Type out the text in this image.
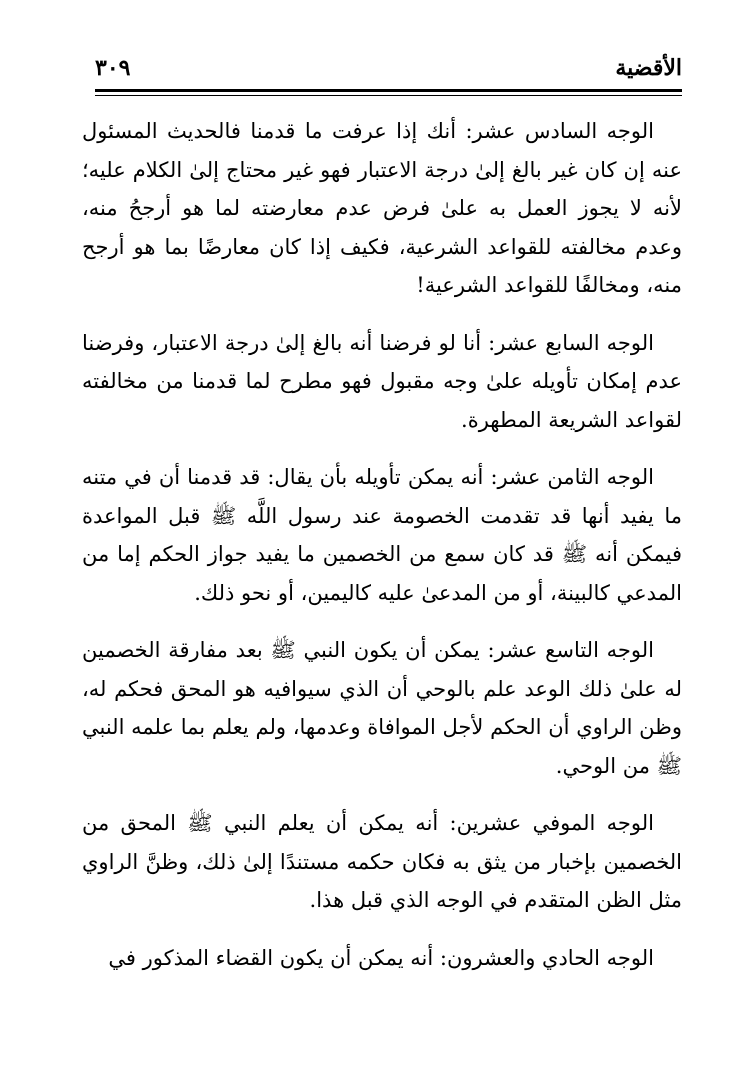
الأقضية
٣٠٩

الوجه السادس عشر: أنك إذا عرفت ما قدمنا فالحديث المسئول عنه إن كان غير بالغ إلىٰ درجة الاعتبار فهو غير محتاج إلىٰ الكلام عليه؛ لأنه لا يجوز العمل به علىٰ فرض عدم معارضته لما هو أرجحُ منه، وعدم مخالفته للقواعد الشرعية، فكيف إذا كان معارضًا بما هو أرجح منه، ومخالفًا للقواعد الشرعية!

الوجه السابع عشر: أنا لو فرضنا أنه بالغ إلىٰ درجة الاعتبار، وفرضنا عدم إمكان تأويله علىٰ وجه مقبول فهو مطرح لما قدمنا من مخالفته لقواعد الشريعة المطهرة.

الوجه الثامن عشر: أنه يمكن تأويله بأن يقال: قد قدمنا أن في متنه ما يفيد أنها قد تقدمت الخصومة عند رسول اللَّه ﷺ قبل المواعدة فيمكن أنه ﷺ قد كان سمع من الخصمين ما يفيد جواز الحكم إما من المدعي كالبينة، أو من المدعىٰ عليه كاليمين، أو نحو ذلك.

الوجه التاسع عشر: يمكن أن يكون النبي ﷺ بعد مفارقة الخصمين له علىٰ ذلك الوعد علم بالوحي أن الذي سيوافيه هو المحق فحكم له، وظن الراوي أن الحكم لأجل الموافاة وعدمها، ولم يعلم بما علمه النبي ﷺ من الوحي.

الوجه الموفي عشرين: أنه يمكن أن يعلم النبي ﷺ المحق من الخصمين بإخبار من يثق به فكان حكمه مستندًا إلىٰ ذلك، وظنَّ الراوي مثل الظن المتقدم في الوجه الذي قبل هذا.

الوجه الحادي والعشرون: أنه يمكن أن يكون القضاء المذكور في
